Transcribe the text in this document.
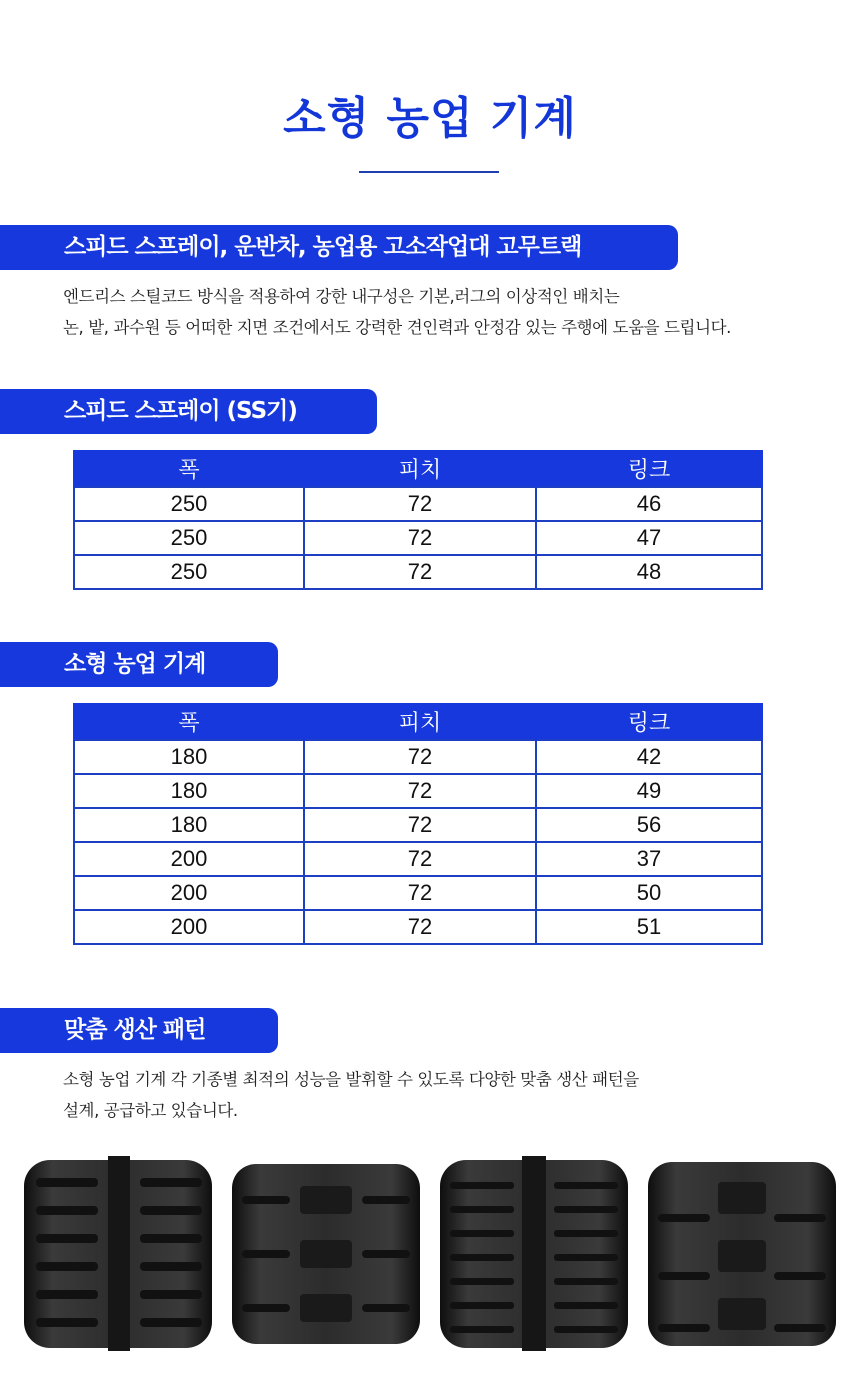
소형 농업 기계
스피드 스프레이, 운반차, 농업용 고소작업대 고무트랙
엔드리스 스틸코드 방식을 적용하여 강한 내구성은 기본,러그의 이상적인 배치는
논, 밭, 과수원 등 어떠한 지면 조건에서도 강력한 견인력과 안정감 있는 주행에 도움을 드립니다.
스피드 스프레이 (SS기)
폭	피치	링크
250	72	46
250	72	47
250	72	48
소형 농업 기계
폭	피치	링크
180	72	42
180	72	49
180	72	56
200	72	37
200	72	50
200	72	51
맞춤 생산 패턴
소형 농업 기계 각 기종별 최적의 성능을 발휘할 수 있도록 다양한 맞춤 생산 패턴을
설계, 공급하고 있습니다.
